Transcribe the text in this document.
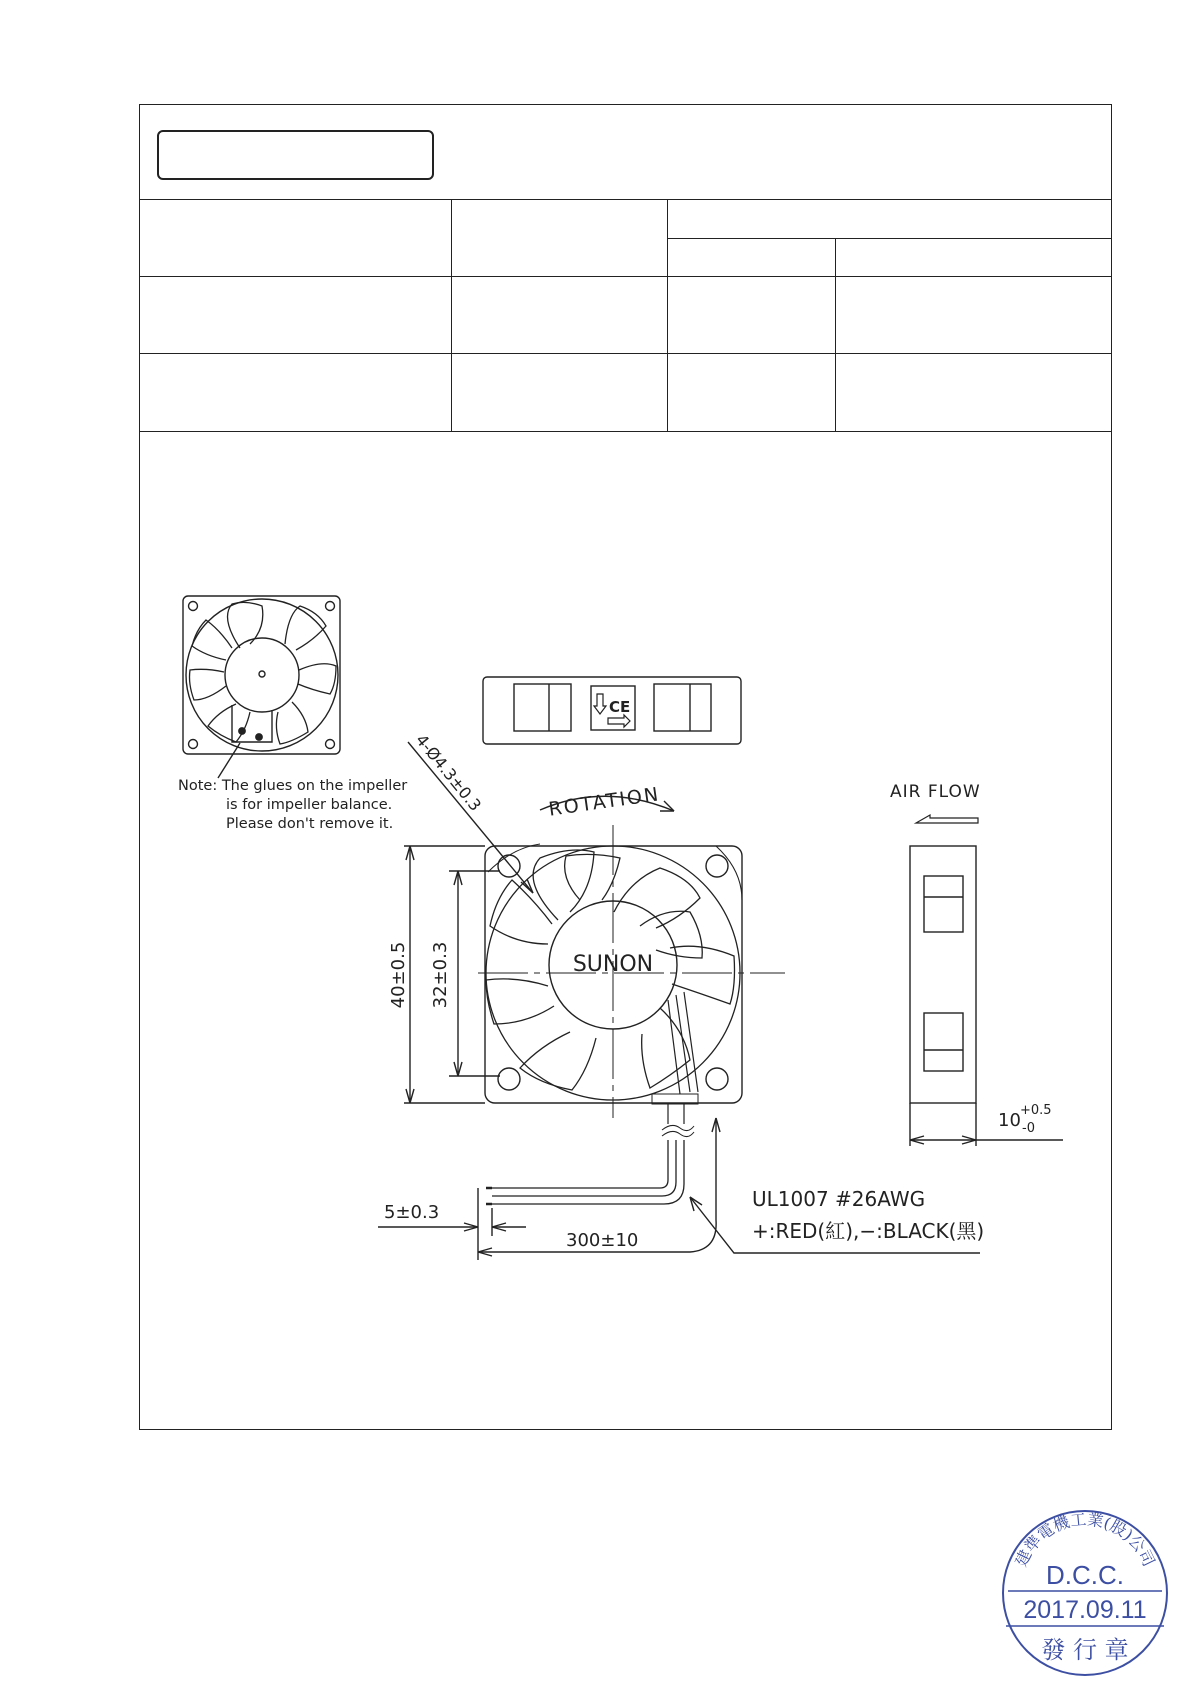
Note: The glues on the impeller
is for impeller balance.
Please don't remove it.
CE
ROTATION
SUNON
4-Ø4.3±0.3
40±0.5 32±0.3
AIR FLOW
10 +0.5
-0
5±0.3
300±10
UL1007 #26AWG
+:RED(紅),−:BLACK(黑)
建準電機工業(股)公司
D.C.C.
2017.09.11
發 行 章
